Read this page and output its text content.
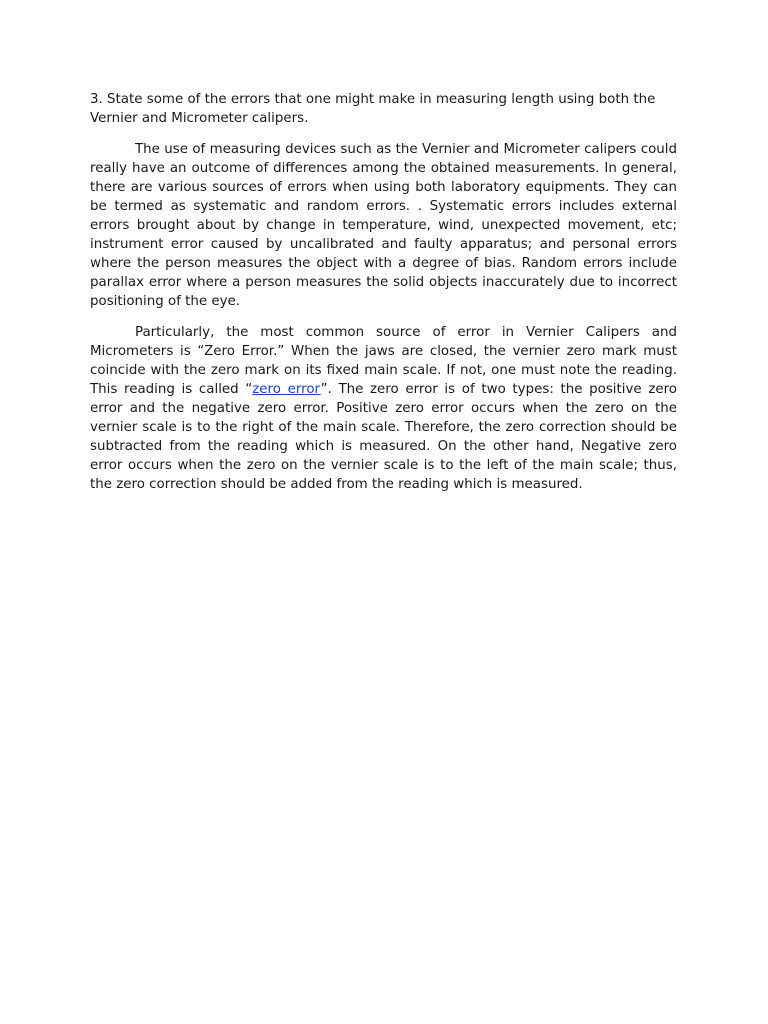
3. State some of the errors that one might make in measuring length using both the Vernier and Micrometer calipers.

The use of measuring devices such as the Vernier and Micrometer calipers could really have an outcome of differences among the obtained measurements. In general, there are various sources of errors when using both laboratory equipments. They can be termed as systematic and random errors. . Systematic errors includes external errors brought about by change in temperature, wind, unexpected movement, etc; instrument error caused by uncalibrated and faulty apparatus; and personal errors where the person measures the object with a degree of bias. Random errors include parallax error where a person measures the solid objects inaccurately due to incorrect positioning of the eye.

Particularly, the most common source of error in Vernier Calipers and Micrometers is “Zero Error.” When the jaws are closed, the vernier zero mark must coincide with the zero mark on its fixed main scale. If not, one must note the reading. This reading is called “zero error”. The zero error is of two types: the positive zero error and the negative zero error. Positive zero error occurs when the zero on the vernier scale is to the right of the main scale. Therefore, the zero correction should be subtracted from the reading which is measured. On the other hand, Negative zero error occurs when the zero on the vernier scale is to the left of the main scale; thus, the zero correction should be added from the reading which is measured.
